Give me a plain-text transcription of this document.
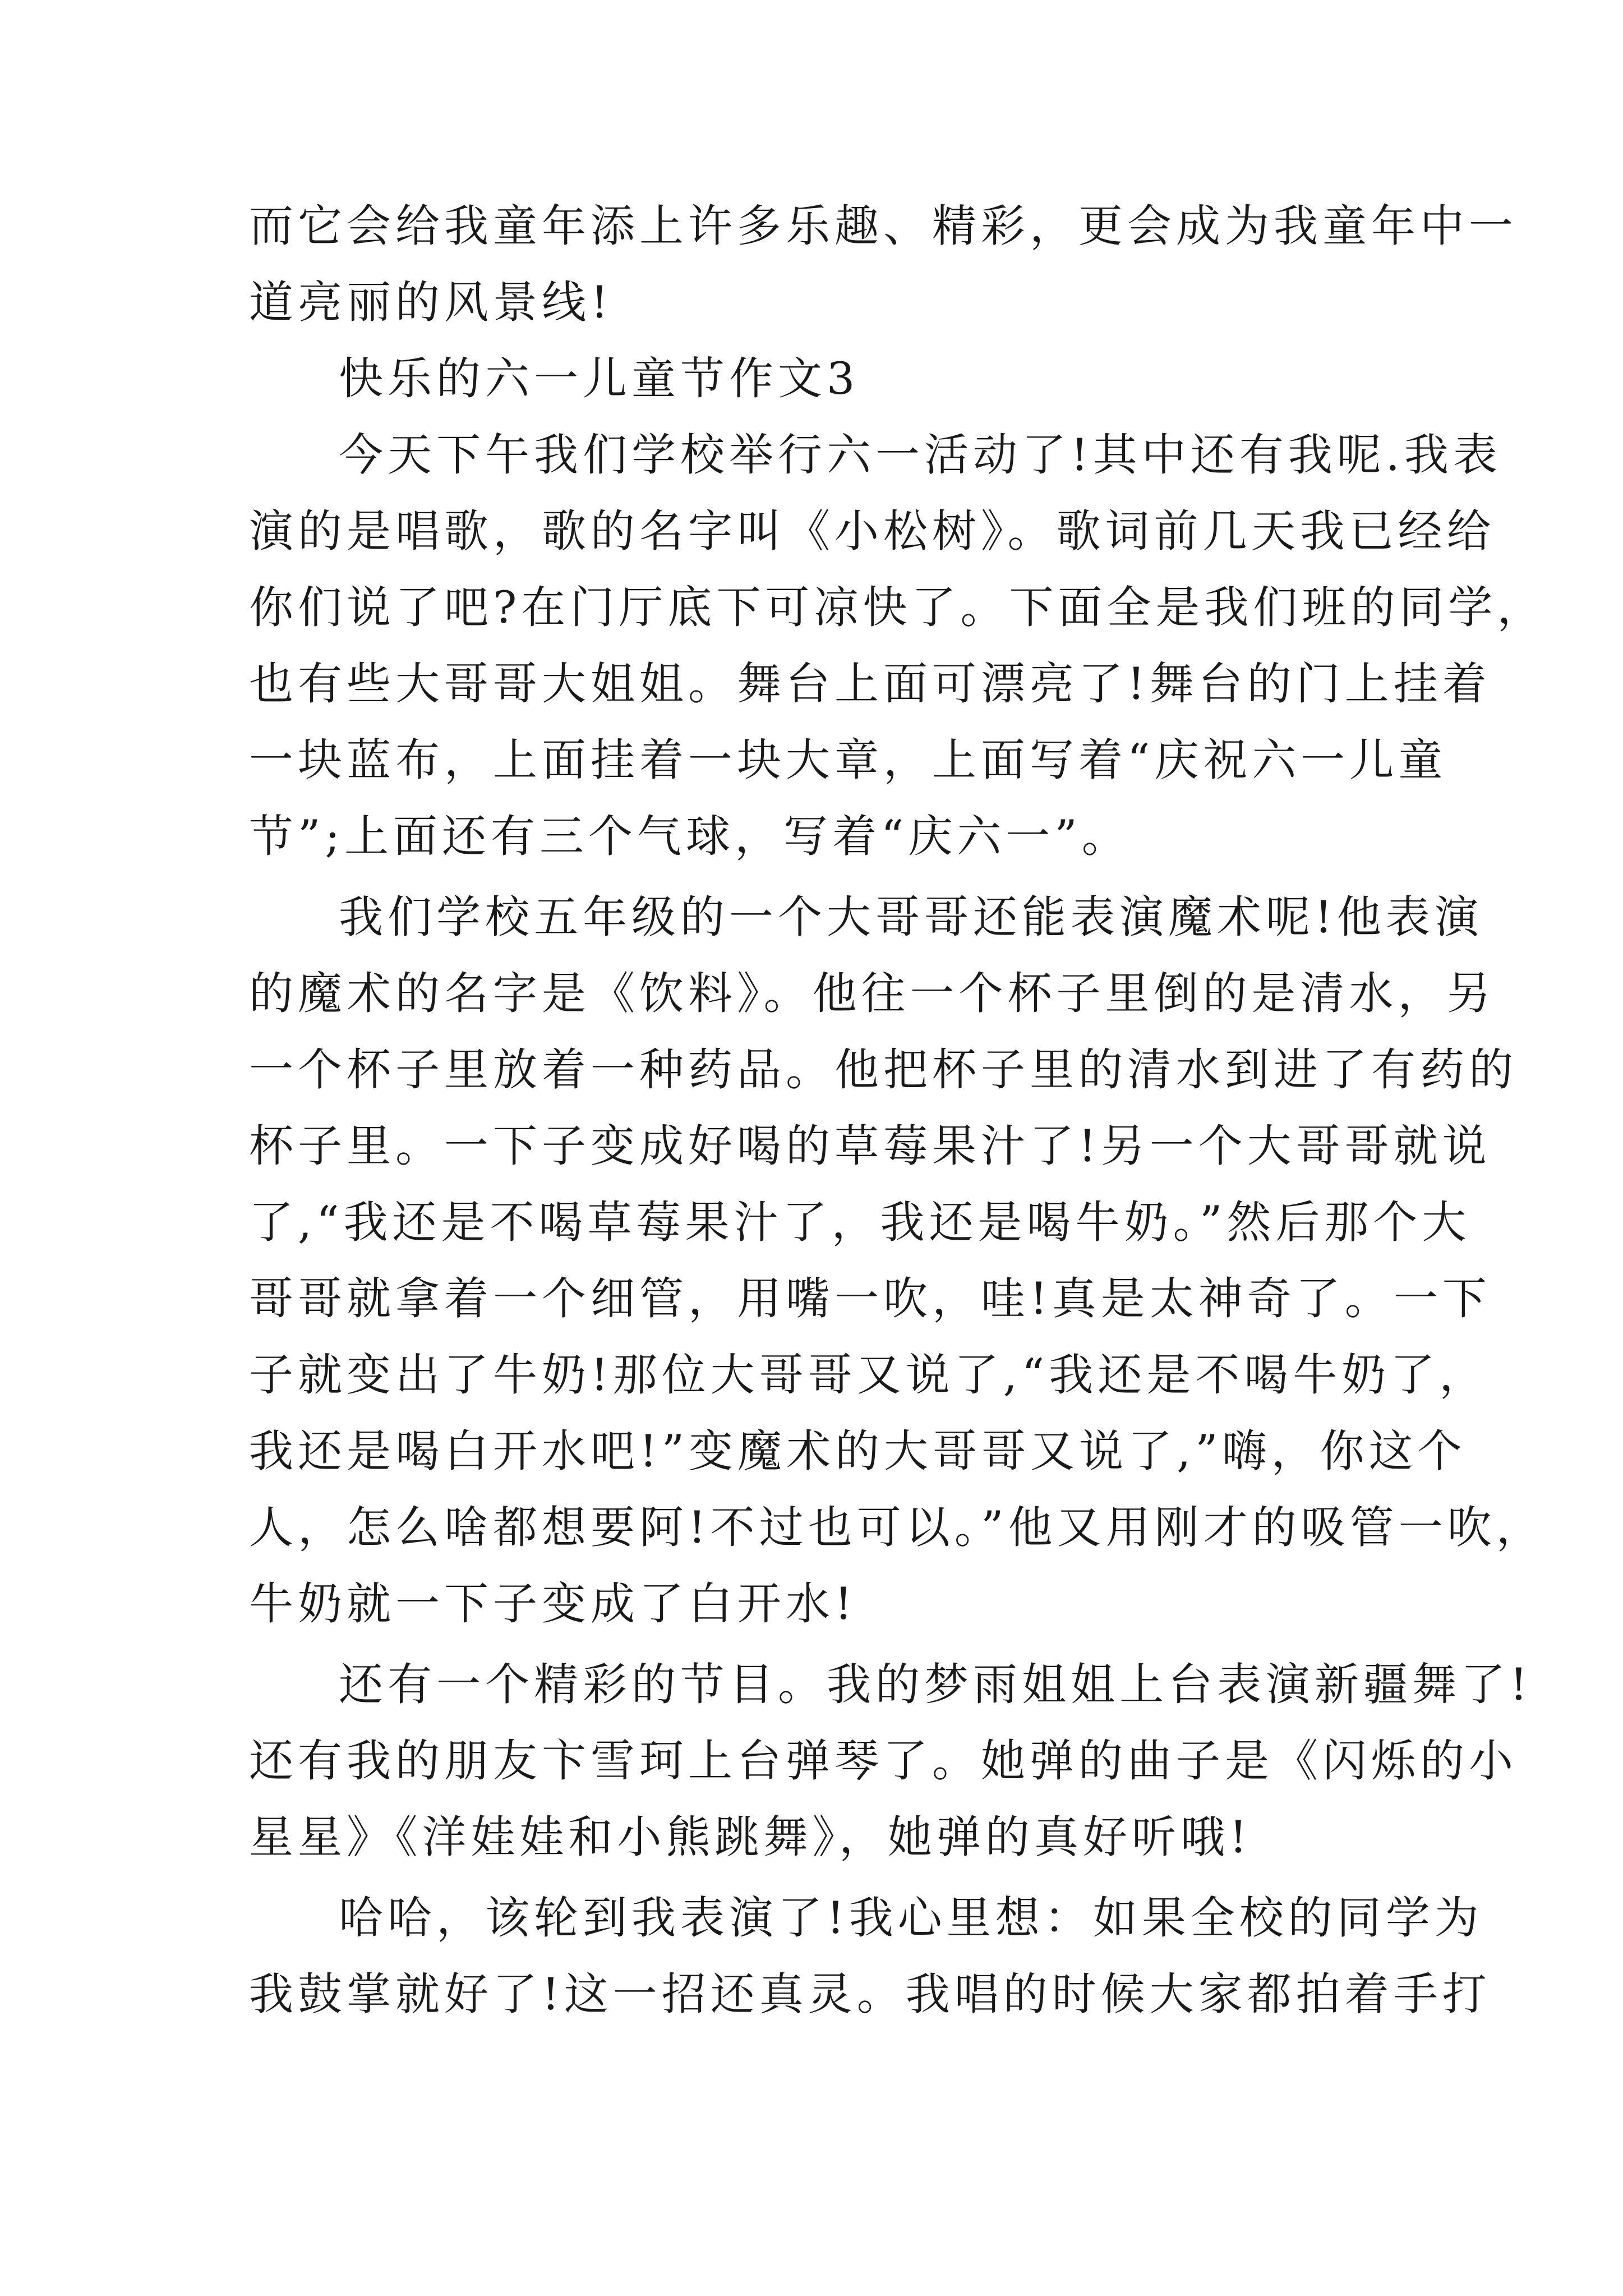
而它会给我童年添上许多乐趣、精彩，更会成为我童年中一
道亮丽的风景线!
快乐的六一儿童节作文3
今天下午我们学校举行六一活动了!其中还有我呢.我表
演的是唱歌，歌的名字叫《小松树》。歌词前几天我已经给
你们说了吧?在门厅底下可凉快了。下面全是我们班的同学，
也有些大哥哥大姐姐。舞台上面可漂亮了!舞台的门上挂着
一块蓝布，上面挂着一块大章，上面写着“庆祝六一儿童
节”;上面还有三个气球，写着“庆六一”。
我们学校五年级的一个大哥哥还能表演魔术呢!他表演
的魔术的名字是《饮料》。他往一个杯子里倒的是清水，另
一个杯子里放着一种药品。他把杯子里的清水到进了有药的
杯子里。一下子变成好喝的草莓果汁了!另一个大哥哥就说
了,“我还是不喝草莓果汁了，我还是喝牛奶。”然后那个大
哥哥就拿着一个细管，用嘴一吹，哇!真是太神奇了。一下
子就变出了牛奶!那位大哥哥又说了,“我还是不喝牛奶了，
我还是喝白开水吧!”变魔术的大哥哥又说了,”嗨，你这个
人，怎么啥都想要阿!不过也可以。”他又用刚才的吸管一吹，
牛奶就一下子变成了白开水!
还有一个精彩的节目。我的梦雨姐姐上台表演新疆舞了!
还有我的朋友卞雪珂上台弹琴了。她弹的曲子是《闪烁的小
星星》《洋娃娃和小熊跳舞》，她弹的真好听哦!
哈哈，该轮到我表演了!我心里想：如果全校的同学为
我鼓掌就好了!这一招还真灵。我唱的时候大家都拍着手打
